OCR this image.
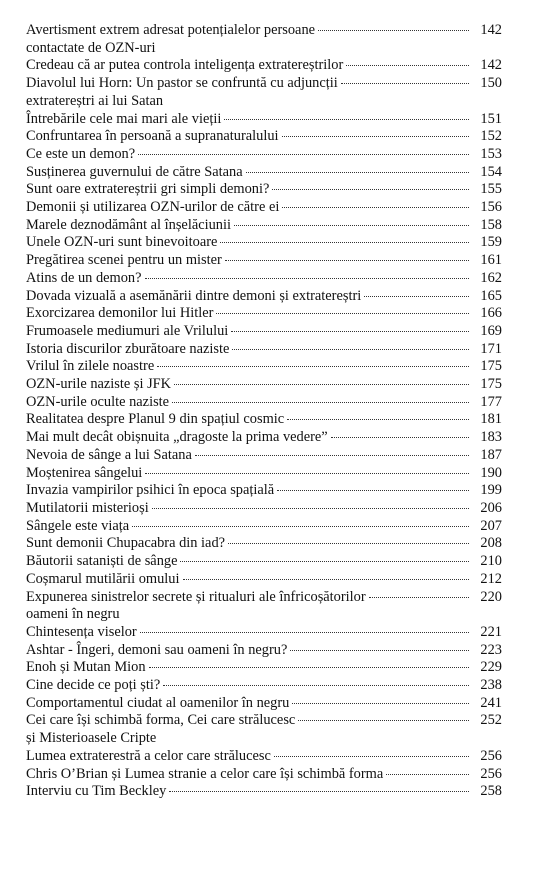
Avertisment extrem adresat potențialelor persoane	142
contactate de OZN-uri
Credeau că ar putea controla inteligența extratereștrilor	142
Diavolul lui Horn: Un pastor se confruntă cu adjuncții	150
extratereștri ai lui Satan
Întrebările cele mai mari ale vieții	151
Confruntarea în persoană a supranaturalului	152
Ce este un demon?	153
Susținerea guvernului de către Satana	154
Sunt oare extratereștrii gri simpli demoni?	155
Demonii și utilizarea OZN-urilor de către ei	156
Marele deznodământ al înșelăciunii	158
Unele OZN-uri sunt binevoitoare	159
Pregătirea scenei pentru un mister	161
Atins de un demon?	162
Dovada vizuală a asemănării dintre demoni și extratereștri	165
Exorcizarea demonilor lui Hitler	166
Frumoasele mediumuri ale Vrilului	169
Istoria discurilor zburătoare naziste	171
Vrilul în zilele noastre	175
OZN-urile naziste și JFK	175
OZN-urile oculte naziste	177
Realitatea despre Planul 9 din spațiul cosmic	181
Mai mult decât obișnuita „dragoste la prima vedere”	183
Nevoia de sânge a lui Satana	187
Moștenirea sângelui	190
Invazia vampirilor psihici în epoca spațială	199
Mutilatorii misterioși	206
Sângele este viața	207
Sunt demonii Chupacabra din iad?	208
Băutorii sataniști de sânge	210
Coșmarul mutilării omului	212
Expunerea sinistrelor secrete și ritualuri ale înfricoșătorilor	220
oameni în negru
Chintesența viselor	221
Ashtar - Îngeri, demoni sau oameni în negru?	223
Enoh și Mutan Mion	229
Cine decide ce poți ști?	238
Comportamentul ciudat al oamenilor în negru	241
Cei care își schimbă forma, Cei care strălucesc	252
și Misterioasele Cripte
Lumea extraterestră a celor care strălucesc	256
Chris O’Brian și Lumea stranie a celor care își schimbă forma	256
Interviu cu Tim Beckley	258
